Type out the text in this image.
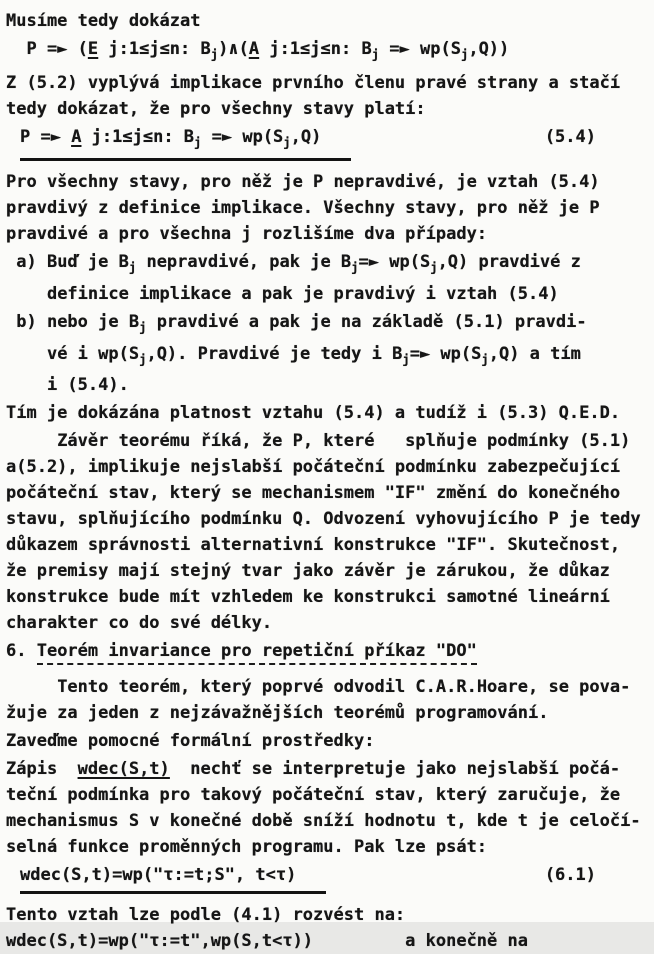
Musíme tedy dokázat
P =► (E j:1≤j≤n: $B_j)\wedge(A$ j:1≤j≤n: $B_j$ =► $wp(S_j,Q)$)
Z (5.2) vyplývá implikace prvního členu pravé strany a stačí
tedy dokázat, že pro všechny stavy platí:
P =► A j:1≤j≤n: $B_j$ =► $wp(S_j,Q)$	(5.4)
Pro všechny stavy, pro něž je P nepravdivé, je vztah (5.4)
pravdivý z definice implikace. Všechny stavy, pro něž je P
pravdivé a pro všechna j rozlišíme dva případy:
a) Buď je $B_j$ nepravdivé, pak je $B_j=►$ $wp(S_j,Q)$ pravdivé z
definice implikace a pak je pravdivý i vztah (5.4)
b) nebo je $B_j$ pravdivé a pak je na základě (5.1) pravdi-
vé i $wp(S_j,Q)$. Pravdivé je tedy i $B_j=►$ $wp(S_j,Q)$ a tím
i (5.4).
Tím je dokázána platnost vztahu (5.4) a tudíž i (5.3) Q.E.D.
Závěr teorému říká, že P, které   splňuje podmínky (5.1)
a(5.2), implikuje nejslabší počáteční podmínku zabezpečující
počáteční stav, který se mechanismem "IF" změní do konečného
stavu, splňujícího podmínku Q. Odvození vyhovujícího P je tedy
důkazem správnosti alternativní konstrukce "IF". Skutečnost,
že premisy mají stejný tvar jako závěr je zárukou, že důkaz
konstrukce bude mít vzhledem ke konstrukci samotné lineární
charakter co do své délky.
6. Teorém invariance pro repetiční příkaz "DO"
Tento teorém, který poprvé odvodil C.A.R.Hoare, se pova-
žuje za jeden z nejzávažnějších teorémů programování.
Zaveďme pomocné formální prostředky:
Zápis  wdec(S,t)  nechť se interpretuje jako nejslabší počá-
teční podmínka pro takový počáteční stav, který zaručuje, že
mechanismus S v konečné době sníží hodnotu t, kde t je celočí-
selná funkce proměnných programu. Pak lze psát:
wdec(S,t)=wp("τ:=t;S", t<τ)	(6.1)
Tento vztah lze podle (4.1) rozvést na:
wdec(S,t)=wp("τ:=t",wp(S,t<τ))         a konečně na
